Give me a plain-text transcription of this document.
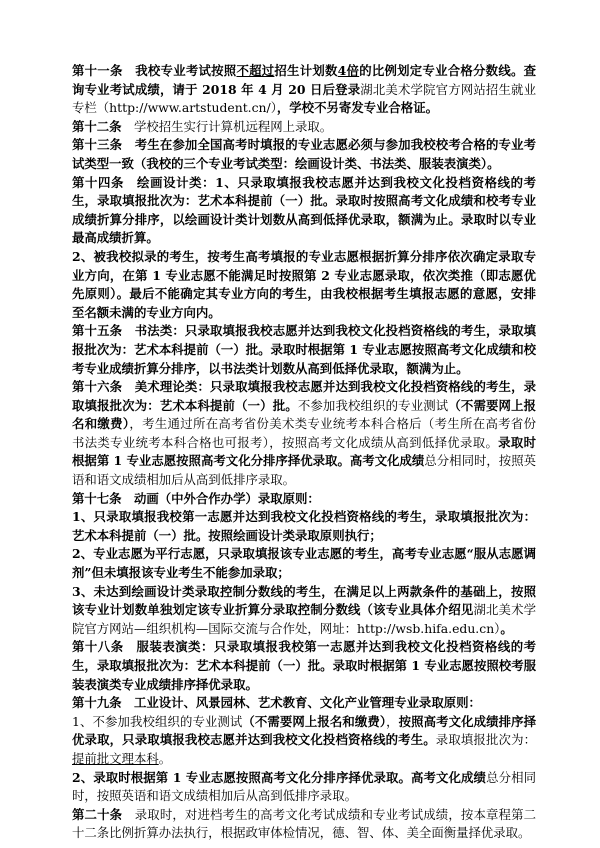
第十一条  我校专业考试按照不超过招生计划数4倍的比例划定专业合格分数线。查询专业考试成绩，请于 2018 年 4 月 20 日后登录湖北美术学院官方网站招生就业专栏（http://www.artstudent.cn/），学校不另寄发专业合格证。

第十二条  学校招生实行计算机远程网上录取。

第十三条  考生在参加全国高考时填报的专业志愿必须与参加我校校考合格的专业考试类型一致（我校的三个专业考试类型：绘画设计类、书法类、服装表演类）。

第十四条  绘画设计类：1、只录取填报我校志愿并达到我校文化投档资格线的考生，录取填报批次为：艺术本科提前（一）批。录取时按照高考文化成绩和校考专业成绩折算分排序，以绘画设计类计划数从高到低择优录取，额满为止。录取时以专业最高成绩折算。

2、被我校拟录的考生，按考生高考填报的专业志愿根据折算分排序依次确定录取专业方向，在第 1 专业志愿不能满足时按照第 2 专业志愿录取，依次类推（即志愿优先原则）。最后不能确定其专业方向的考生，由我校根据考生填报志愿的意愿，安排至名额未满的专业方向内。

第十五条  书法类：只录取填报我校志愿并达到我校文化投档资格线的考生，录取填报批次为：艺术本科提前（一）批。录取时根据第 1 专业志愿按照高考文化成绩和校考专业成绩折算分排序，以书法类计划数从高到低择优录取，额满为止。

第十六条  美术理论类：只录取填报我校志愿并达到我校文化投档资格线的考生，录取填报批次为：艺术本科提前（一）批。不参加我校组织的专业测试（不需要网上报名和缴费），考生通过所在高考省份美术类专业统考本科合格后（考生所在高考省份书法类专业统考本科合格也可报考），按照高考文化成绩从高到低择优录取。录取时根据第 1 专业志愿按照高考文化分排序择优录取。高考文化成绩总分相同时，按照英语和语文成绩相加后从高到低排序录取。

第十七条  动画（中外合作办学）录取原则：

1、只录取填报我校第一志愿并达到我校文化投档资格线的考生，录取填报批次为：艺术本科提前（一）批。按照绘画设计类录取原则执行；

2、专业志愿为平行志愿，只录取填报该专业志愿的考生，高考专业志愿“服从志愿调剂”但未填报该专业考生不能参加录取；

3、未达到绘画设计类录取控制分数线的考生，在满足以上两款条件的基础上，按照该专业计划数单独划定该专业折算分录取控制分数线（该专业具体介绍见湖北美术学院官方网站—组织机构—国际交流与合作处，网址：http://wsb.hifa.edu.cn）。

第十八条  服装表演类：只录取填报我校第一志愿并达到我校文化投档资格线的考生，录取填报批次为：艺术本科提前（一）批。录取时根据第 1 专业志愿按照校考服装表演类专业成绩排序择优录取。

第十九条  工业设计、风景园林、艺术教育、文化产业管理专业录取原则：

1、不参加我校组织的专业测试（不需要网上报名和缴费），按照高考文化成绩排序择优录取，只录取填报我校志愿并达到我校文化投档资格线的考生。录取填报批次为：提前批文理本科。

2、录取时根据第 1 专业志愿按照高考文化分排序择优录取。高考文化成绩总分相同时，按照英语和语文成绩相加后从高到低排序录取。

第二十条  录取时，对进档考生的高考文化考试成绩和专业考试成绩，按本章程第二十二条比例折算办法执行，根据政审体检情况，德、智、体、美全面衡量择优录取。
